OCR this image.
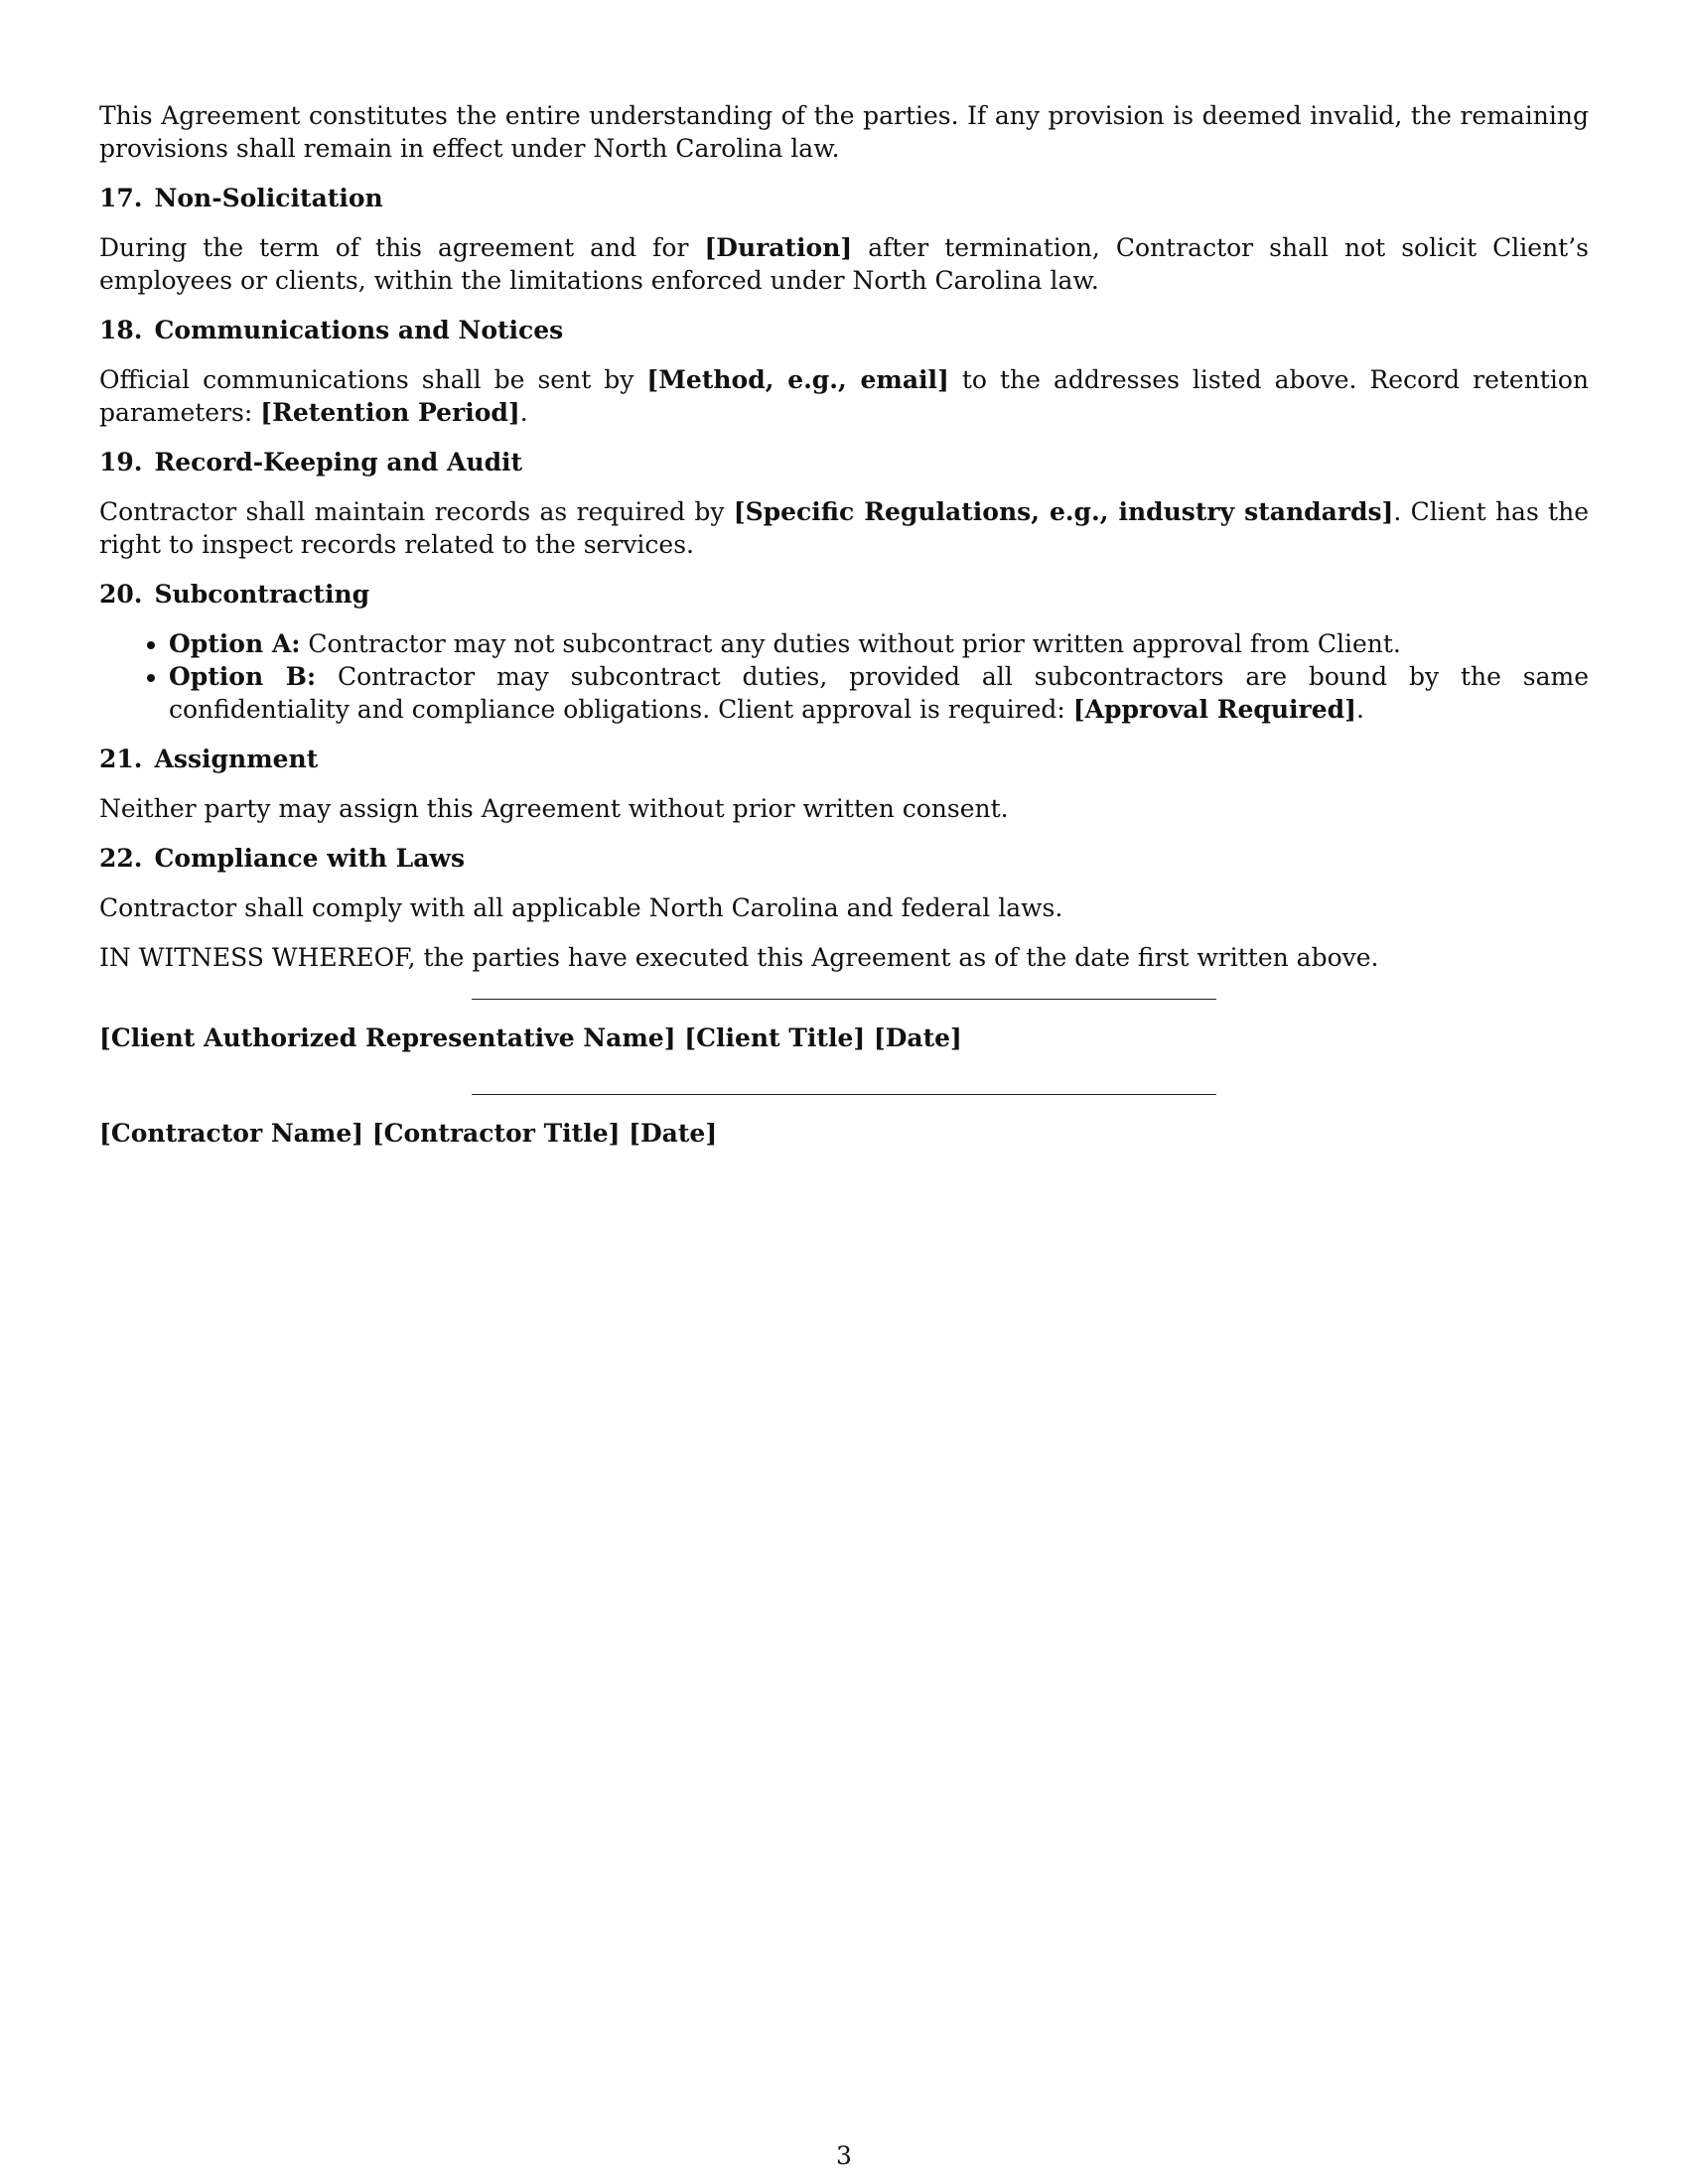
This Agreement constitutes the entire understanding of the parties. If any provision is deemed invalid, the remaining provisions shall remain in effect under North Carolina law.

17. Non-Solicitation

During the term of this agreement and for [Duration] after termination, Contractor shall not solicit Client’s employees or clients, within the limitations enforced under North Carolina law.

18. Communications and Notices

Official communications shall be sent by [Method, e.g., email] to the addresses listed above. Record retention parameters: [Retention Period].

19. Record-Keeping and Audit

Contractor shall maintain records as required by [Specific Regulations, e.g., industry standards]. Client has the right to inspect records related to the services.

20. Subcontracting
• Option A: Contractor may not subcontract any duties without prior written approval from Client.
• Option B: Contractor may subcontract duties, provided all subcontractors are bound by the same confidentiality and compliance obligations. Client approval is required: [Approval Required].
21. Assignment

Neither party may assign this Agreement without prior written consent.

22. Compliance with Laws

Contractor shall comply with all applicable North Carolina and federal laws.

IN WITNESS WHEREOF, the parties have executed this Agreement as of the date first written above.

[Client Authorized Representative Name] [Client Title] [Date]
[Contractor Name] [Contractor Title] [Date]
3
